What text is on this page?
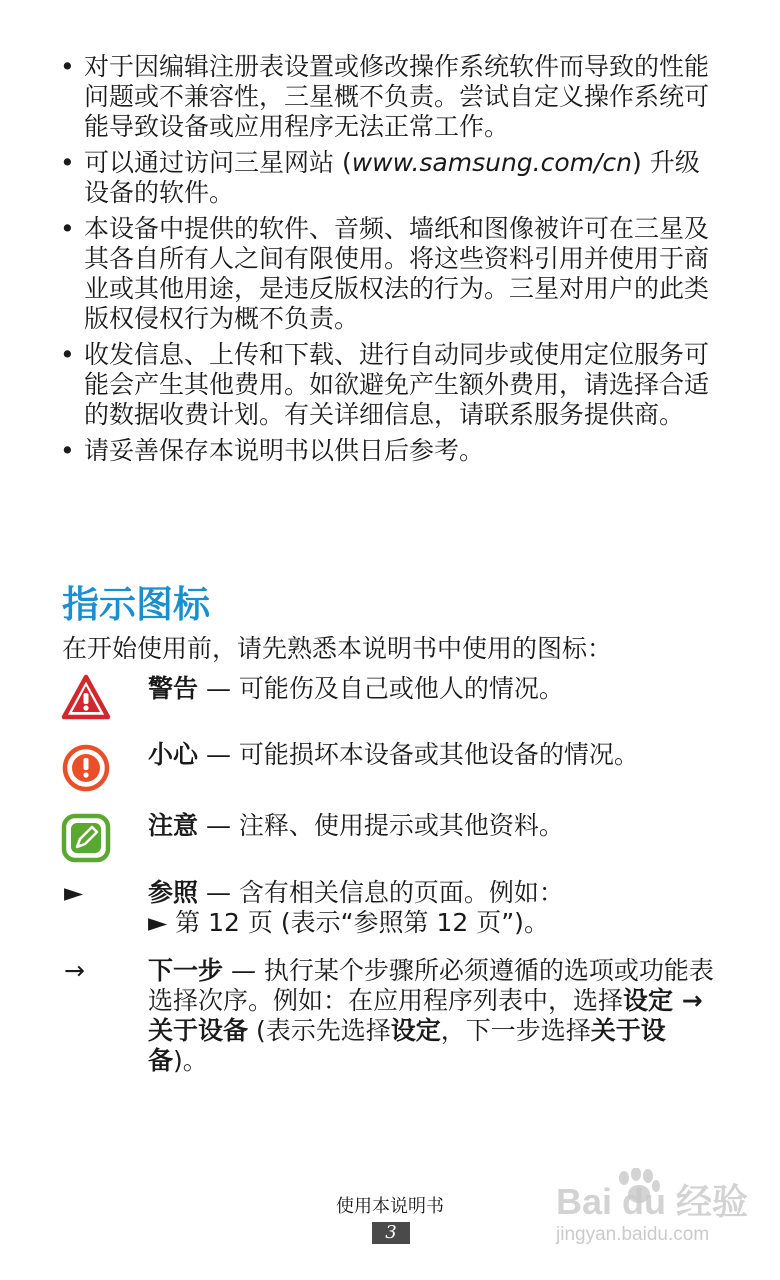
• 对于因编辑注册表设置或修改操作系统软件而导致的性能问题或不兼容性，三星概不负责。尝试自定义操作系统可能导致设备或应用程序无法正常工作。
• 可以通过访问三星网站 (www.samsung.com/cn) 升级设备的软件。
• 本设备中提供的软件、音频、墙纸和图像被许可在三星及其各自所有人之间有限使用。将这些资料引用并使用于商业或其他用途，是违反版权法的行为。三星对用户的此类版权侵权行为概不负责。
• 收发信息、上传和下载、进行自动同步或使用定位服务可能会产生其他费用。如欲避免产生额外费用，请选择合适的数据收费计划。有关详细信息，请联系服务提供商。
• 请妥善保存本说明书以供日后参考。
指示图标
在开始使用前，请先熟悉本说明书中使用的图标：
警告 — 可能伤及自己或他人的情况。
小心 — 可能损坏本设备或其他设备的情况。
注意 — 注释、使用提示或其他资料。
►	参照 — 含有相关信息的页面。例如：
► 第 12 页 (表示“参照第 12 页”)。
→	下一步 — 执行某个步骤所必须遵循的选项或功能表选择次序。例如：在应用程序列表中，选择设定 → 关于设备 (表示先选择设定，下一步选择关于设备)。
使用本说明书
3
Bai du 经验
jingyan.baidu.com
